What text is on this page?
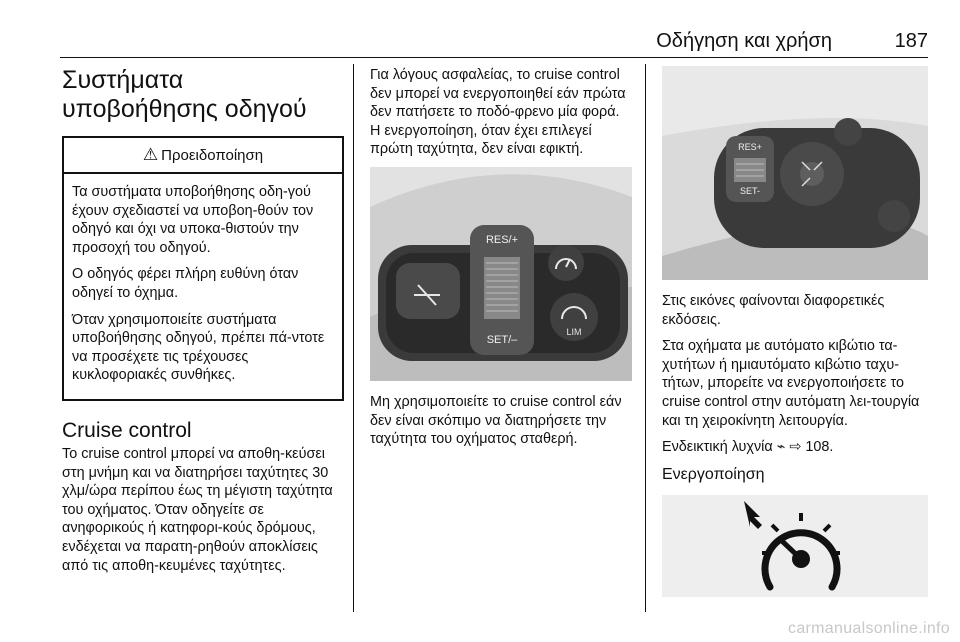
Οδήγηση και χρήση	187
Συστήματα υποβοήθησης οδηγού
⚠ Προειδοποίηση

Τα συστήματα υποβοήθησης οδη-γού έχουν σχεδιαστεί να υποβοη-θούν τον οδηγό και όχι να υποκα-θιστούν την προσοχή του οδηγού.

Ο οδηγός φέρει πλήρη ευθύνη όταν οδηγεί το όχημα.

Όταν χρησιμοποιείτε συστήματα υποβοήθησης οδηγού, πρέπει πά-ντοτε να προσέχετε τις τρέχουσες κυκλοφοριακές συνθήκες.

Cruise control

Το cruise control μπορεί να αποθη-κεύσει στη μνήμη και να διατηρήσει ταχύτητες 30 χλμ/ώρα περίπου έως τη μέγιστη ταχύτητα του οχήματος. Όταν οδηγείτε σε ανηφορικούς ή κατηφορι-κούς δρόμους, ενδέχεται να παρατη-ρηθούν αποκλίσεις από τις αποθη-κευμένες ταχύτητες.

Για λόγους ασφαλείας, το cruise control δεν μπορεί να ενεργοποιηθεί εάν πρώτα δεν πατήσετε το ποδό-φρενο μία φορά. Η ενεργοποίηση, όταν έχει επιλεγεί πρώτη ταχύτητα, δεν είναι εφικτή.

RES/+
SET/–
LIM

Μη χρησιμοποιείτε το cruise control εάν δεν είναι σκόπιμο να διατηρήσετε την ταχύτητα του οχήματος σταθερή.

RES+
SET-

Στις εικόνες φαίνονται διαφορετικές εκδόσεις.

Στα οχήματα με αυτόματο κιβώτιο τα-χυτήτων ή ημιαυτόματο κιβώτιο ταχυ-τήτων, μπορείτε να ενεργοποιήσετε το cruise control στην αυτόματη λει-τουργία και τη χειροκίνητη λειτουργία.

Ενδεικτική λυχνία ⌁ ⇨ 108.

Ενεργοποίηση
carmanualsonline.info
